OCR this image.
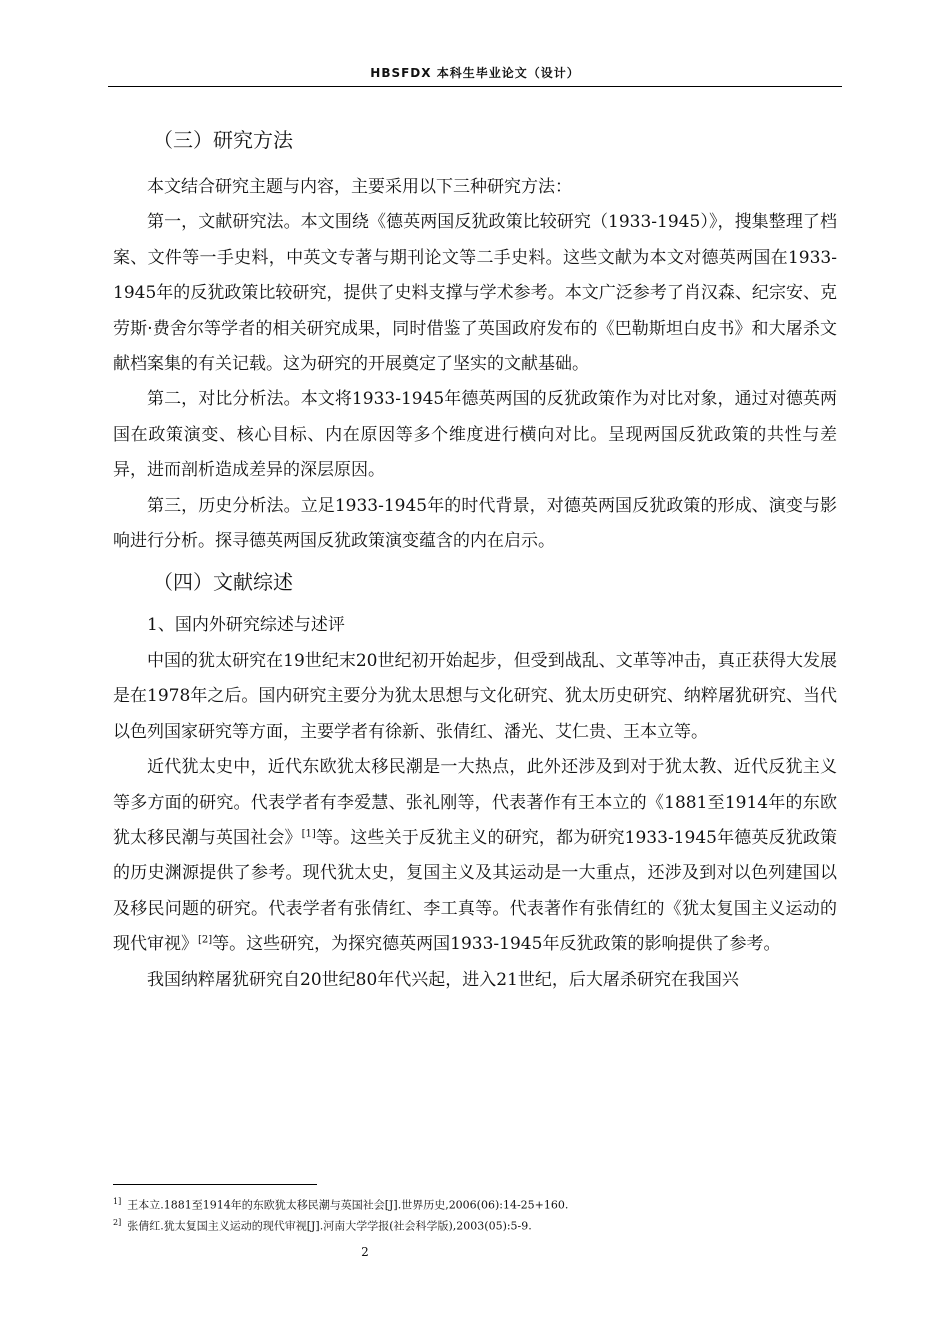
HBSFDX 本科生毕业论文（设计）

（三）研究方法

本文结合研究主题与内容，主要采用以下三种研究方法：

第一，文献研究法。本文围绕《德英两国反犹政策比较研究（1933-1945）》，搜集整理了档案、文件等一手史料，中英文专著与期刊论文等二手史料。这些文献为本文对德英两国在1933-1945年的反犹政策比较研究，提供了史料支撑与学术参考。本文广泛参考了肖汉森、纪宗安、克劳斯·费舍尔等学者的相关研究成果，同时借鉴了英国政府发布的《巴勒斯坦白皮书》和大屠杀文献档案集的有关记载。这为研究的开展奠定了坚实的文献基础。

第二，对比分析法。本文将1933-1945年德英两国的反犹政策作为对比对象，通过对德英两国在政策演变、核心目标、内在原因等多个维度进行横向对比。呈现两国反犹政策的共性与差异，进而剖析造成差异的深层原因。

第三，历史分析法。立足1933-1945年的时代背景，对德英两国反犹政策的形成、演变与影响进行分析。探寻德英两国反犹政策演变蕴含的内在启示。

（四）文献综述

1、国内外研究综述与述评

中国的犹太研究在19世纪末20世纪初开始起步，但受到战乱、文革等冲击，真正获得大发展是在1978年之后。国内研究主要分为犹太思想与文化研究、犹太历史研究、纳粹屠犹研究、当代以色列国家研究等方面，主要学者有徐新、张倩红、潘光、艾仁贵、王本立等。

近代犹太史中，近代东欧犹太移民潮是一大热点，此外还涉及到对于犹太教、近代反犹主义等多方面的研究。代表学者有李爱慧、张礼刚等，代表著作有王本立的《1881至1914年的东欧犹太移民潮与英国社会》[1]等。这些关于反犹主义的研究，都为研究1933-1945年德英反犹政策的历史渊源提供了参考。现代犹太史，复国主义及其运动是一大重点，还涉及到对以色列建国以及移民问题的研究。代表学者有张倩红、李工真等。代表著作有张倩红的《犹太复国主义运动的现代审视》[2]等。这些研究，为探究德英两国1933-1945年反犹政策的影响提供了参考。

我国纳粹屠犹研究自20世纪80年代兴起，进入21世纪，后大屠杀研究在我国兴

$^{1]}$ 王本立.1881至1914年的东欧犹太移民潮与英国社会[J].世界历史,2006(06):14-25+160.
$^{2]}$ 张倩红.犹太复国主义运动的现代审视[J].河南大学学报(社会科学版),2003(05):5-9.
2
